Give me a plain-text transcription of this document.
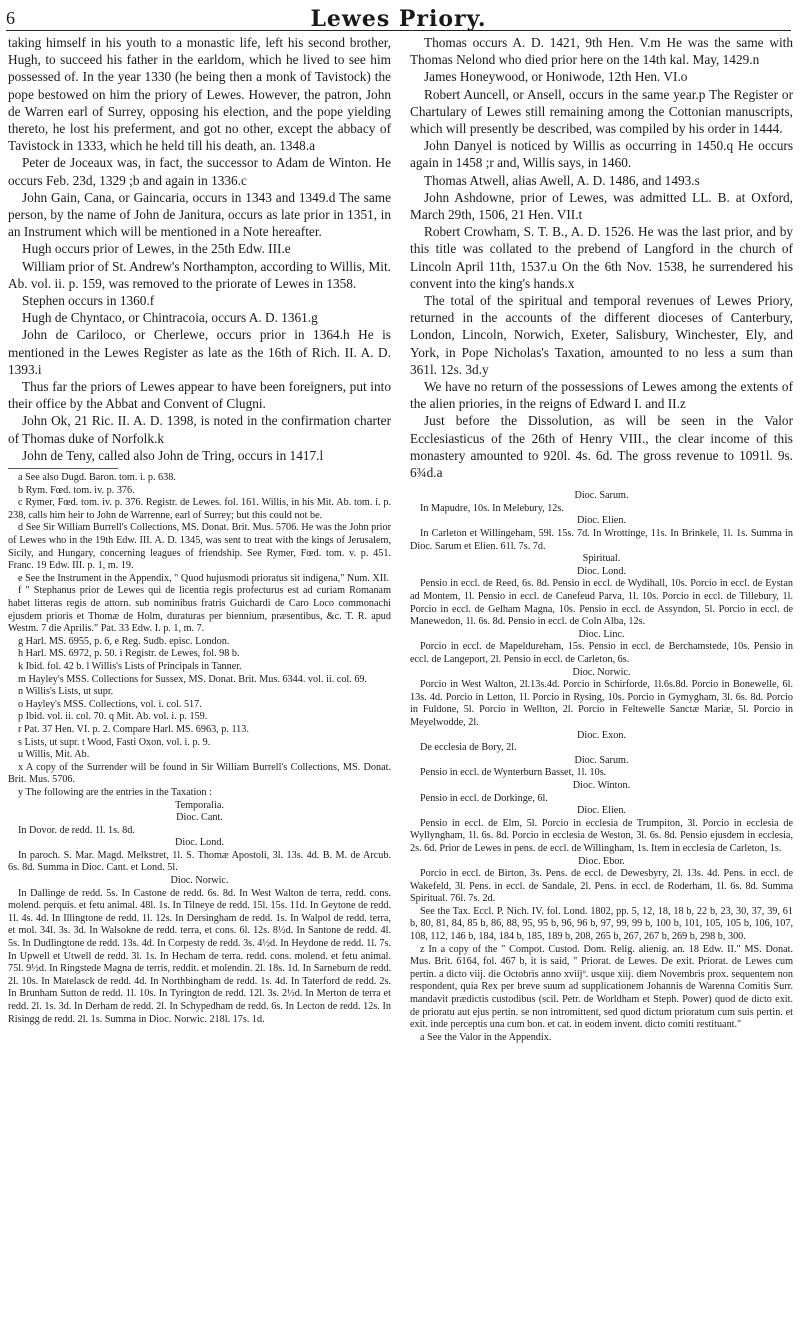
6	Lewes Priory.

taking himself in his youth to a monastic life, left his second brother, Hugh, to succeed his father in the earldom, which he lived to see him possessed of. In the year 1330 (he being then a monk of Tavistock) the pope bestowed on him the priory of Lewes. However, the patron, John de Warren earl of Surrey, opposing his election, and the pope yielding thereto, he lost his preferment, and got no other, except the abbacy of Tavistock in 1333, which he held till his death, an. 1348.a

Peter de Joceaux was, in fact, the successor to Adam de Winton. He occurs Feb. 23d, 1329 ;b and again in 1336.c

John Gain, Cana, or Gaincaria, occurs in 1343 and 1349.d The same person, by the name of John de Janitura, occurs as late prior in 1351, in an Instrument which will be mentioned in a Note hereafter.

Hugh occurs prior of Lewes, in the 25th Edw. III.e

William prior of St. Andrew's Northampton, according to Willis, Mit. Ab. vol. ii. p. 159, was removed to the priorate of Lewes in 1358.

Stephen occurs in 1360.f

Hugh de Chyntaco, or Chintracoia, occurs A. D. 1361.g

John de Cariloco, or Cherlewe, occurs prior in 1364.h He is mentioned in the Lewes Register as late as the 16th of Rich. II. A. D. 1393.i

Thus far the priors of Lewes appear to have been foreigners, put into their office by the Abbat and Convent of Clugni.

John Ok, 21 Ric. II. A. D. 1398, is noted in the confirmation charter of Thomas duke of Norfolk.k

John de Teny, called also John de Tring, occurs in 1417.l

a See also Dugd. Baron. tom. i. p. 638.

b Rym. Fœd. tom. iv. p. 376.

c Rymer, Fœd. tom. iv. p. 376. Registr. de Lewes. fol. 161. Willis, in his Mit. Ab. tom. i. p. 238, calls him heir to John de Warrenne, earl of Surrey; but this could not be.

d See Sir William Burrell's Collections, MS. Donat. Brit. Mus. 5706. He was the John prior of Lewes who in the 19th Edw. III. A. D. 1345, was sent to treat with the kings of Jerusalem, Sicily, and Hungary, concerning leagues of friendship. See Rymer, Fœd. tom. v. p. 451. Franc. 19 Edw. III. p. 1, m. 19.

e See the Instrument in the Appendix, " Quod hujusmodi prioratus sit indigena," Num. XII.

f " Stephanus prior de Lewes qui de licentia regis profecturus est ad curiam Romanam habet litteras regis de attorn. sub nominibus fratris Guichardi de Caro Loco commonachi ejusdem prioris et Thomæ de Holm, duraturas per biennium, præsentibus, &c. T. R. apud Westm. 7 die Aprilis." Pat. 33 Edw. I. p. 1, m. 7.

g Harl. MS. 6955, p. 6, e Reg. Sudb. episc. London.

h Harl. MS. 6972, p. 50. i Registr. de Lewes, fol. 98 b.

k Ibid. fol. 42 b. l Willis's Lists of Principals in Tanner.

m Hayley's MSS. Collections for Sussex, MS. Donat. Brit. Mus. 6344. vol. ii. col. 69.

n Willis's Lists, ut supr.

o Hayley's MSS. Collections, vol. i. col. 517.

p Ibid. vol. ii. col. 70. q Mit. Ab. vol. i. p. 159.

r Pat. 37 Hen. VI. p. 2. Compare Harl. MS. 6963, p. 113.

s Lists, ut supr. t Wood, Fasti Oxon. vol. i. p. 9.

u Willis, Mit. Ab.

x A copy of the Surrender will be found in Sir William Burrell's Collections, MS. Donat. Brit. Mus. 5706.

y The following are the entries in the Taxation :

Temporalia.

Dioc. Cant.

In Dovor. de redd. 1l. 1s. 8d.

Dioc. Lond.

In paroch. S. Mar. Magd. Melkstret, 1l. S. Thomæ Apostoli, 3l. 13s. 4d. B. M. de Arcub. 6s. 8d. Summa in Dioc. Cant. et Lond. 5l.

Dioc. Norwic.

In Dallinge de redd. 5s. In Castone de redd. 6s. 8d. In West Walton de terra, redd. cons. molend. perquis. et fetu animal. 48l. 1s. In Tilneye de redd. 15l. 15s. 11d. In Geytone de redd. 1l. 4s. 4d. In Illingtone de redd. 1l. 12s. In Dersingham de redd. 1s. In Walpol de redd. terra, et mol. 34l. 3s. 3d. In Walsokne de redd. terra, et cons. 6l. 12s. 8½d. In Santone de redd. 4l. 5s. In Dudlingtone de redd. 13s. 4d. In Corpesty de redd. 3s. 4½d. In Heydone de redd. 1l. 7s. In Upwell et Utwell de redd. 3l. 1s. In Hecham de terra. redd. cons. molend. et fetu animal. 75l. 9½d. In Ringstede Magna de terris, reddit. et molendin. 2l. 18s. 1d. In Sarneburn de redd. 2l. 10s. In Matelasck de redd. 4d. In Northbingham de redd. 1s. 4d. In Taterford de redd. 2s. In Brunham Sutton de redd. 1l. 10s. In Tyrington de redd. 12l. 3s. 2½d. In Merton de terra et redd. 2l. 1s. 3d. In Derham de redd. 2l. In Schypedham de redd. 6s. In Lecton de redd. 12s. In Risingg de redd. 2l. 1s. Summa in Dioc. Norwic. 218l. 17s. 1d.

Thomas occurs A. D. 1421, 9th Hen. V.m He was the same with Thomas Nelond who died prior here on the 14th kal. May, 1429.n

James Honeywood, or Honiwode, 12th Hen. VI.o

Robert Auncell, or Ansell, occurs in the same year.p The Register or Chartulary of Lewes still remaining among the Cottonian manuscripts, which will presently be described, was compiled by his order in 1444.

John Danyel is noticed by Willis as occurring in 1450.q He occurs again in 1458 ;r and, Willis says, in 1460.

Thomas Atwell, alias Awell, A. D. 1486, and 1493.s

John Ashdowne, prior of Lewes, was admitted LL. B. at Oxford, March 29th, 1506, 21 Hen. VII.t

Robert Crowham, S. T. B., A. D. 1526. He was the last prior, and by this title was collated to the prebend of Langford in the church of Lincoln April 11th, 1537.u On the 6th Nov. 1538, he surrendered his convent into the king's hands.x

The total of the spiritual and temporal revenues of Lewes Priory, returned in the accounts of the different dioceses of Canterbury, London, Lincoln, Norwich, Exeter, Salisbury, Winchester, Ely, and York, in Pope Nicholas's Taxation, amounted to no less a sum than 361l. 12s. 3d.y

We have no return of the possessions of Lewes among the extents of the alien priories, in the reigns of Edward I. and II.z

Just before the Dissolution, as will be seen in the Valor Ecclesiasticus of the 26th of Henry VIII., the clear income of this monastery amounted to 920l. 4s. 6d. The gross revenue to 1091l. 9s. 6¾d.a

Dioc. Sarum.

In Mapudre, 10s. In Melebury, 12s.

Dioc. Elien.

In Carleton et Willingeham, 59l. 15s. 7d. In Wrottinge, 11s. In Brinkele, 1l. 1s. Summa in Dioc. Sarum et Elien. 61l. 7s. 7d.

Spiritual.

Dioc. Lond.

Pensio in eccl. de Reed, 6s. 8d. Pensio in eccl. de Wydihall, 10s. Porcio in eccl. de Eystan ad Montem, 1l. Pensio in eccl. de Canefeud Parva, 1l. 10s. Porcio in eccl. de Tillebury, 1l. Porcio in eccl. de Gelham Magna, 10s. Pensio in eccl. de Assyndon, 5l. Porcio in eccl. de Manewedon, 1l. 6s. 8d. Pensio in eccl. de Coln Alba, 12s.

Dioc. Linc.

Porcio in eccl. de Mapeldureham, 15s. Pensio in eccl. de Berchamstede, 10s. Pensio in eccl. de Langeport, 2l. Pensio in eccl. de Carleton, 6s.

Dioc. Norwic.

Porcio in West Walton, 2l.13s.4d. Porcio in Schirforde, 1l.6s.8d. Porcio in Bonewelle, 6l. 13s. 4d. Porcio in Letton, 1l. Porcio in Rysing, 10s. Porcio in Gymygham, 3l. 6s. 8d. Porcio in Fuldone, 5l. Porcio in Wellton, 2l. Porcio in Feltewelle Sanctæ Mariæ, 5l. Porcio in Meyelwodde, 2l.

Dioc. Exon.

De ecclesia de Bory, 2l.

Dioc. Sarum.

Pensio in eccl. de Wynterburn Basset, 1l. 10s.

Dioc. Winton.

Pensio in eccl. de Dorkinge, 6l.

Dioc. Elien.

Pensio in eccl. de Elm, 5l. Porcio in ecclesia de Trumpiton, 3l. Porcio in ecclesia de Wyllyngham, 1l. 6s. 8d. Porcio in ecclesia de Weston, 3l. 6s. 8d. Pensio ejusdem in ecclesia, 2s. 6d. Prior de Lewes in pens. de eccl. de Willingham, 1s. Item in ecclesia de Carleton, 1s.

Dioc. Ebor.

Porcio in eccl. de Birton, 3s. Pens. de eccl. de Dewesbyry, 2l. 13s. 4d. Pens. in eccl. de Wakefeld, 3l. Pens. in eccl. de Sandale, 2l. Pens. in eccl. de Roderham, 1l. 6s. 8d. Summa Spiritual. 76l. 7s. 2d.

See the Tax. Eccl. P. Nich. IV. fol. Lond. 1802, pp. 5, 12, 18, 18 b, 22 b, 23, 30, 37, 39, 61 b, 80, 81, 84, 85 b, 86, 88, 95, 95 b, 96, 96 b, 97, 99, 99 b, 100 b, 101, 105, 105 b, 106, 107, 108, 112, 146 b, 184, 184 b, 185, 189 b, 208, 265 b, 267, 267 b, 269 b, 298 b, 300.

z In a copy of the " Compot. Custod. Dom. Relig. alienig. an. 18 Edw. II." MS. Donat. Mus. Brit. 6164, fol. 467 b, it is said, " Priorat. de Lewes. De exit. Priorat. de Lewes cum pertin. a dicto viij. die Octobris anno xviijº. usque xiij. diem Novembris prox. sequentem non respondent, quia Rex per breve suum ad supplicationem Johannis de Warenna Comitis Surr. mandavit prædictis custodibus (scil. Petr. de Worldham et Steph. Power) quod de dicto exit. de prioratu aut ejus pertin. se non intromittent, sed quod dictum prioratum cum suis pertin. et exit. inde perceptis una cum bon. et cat. in eodem invent. dicto comiti restituant."

a See the Valor in the Appendix.
